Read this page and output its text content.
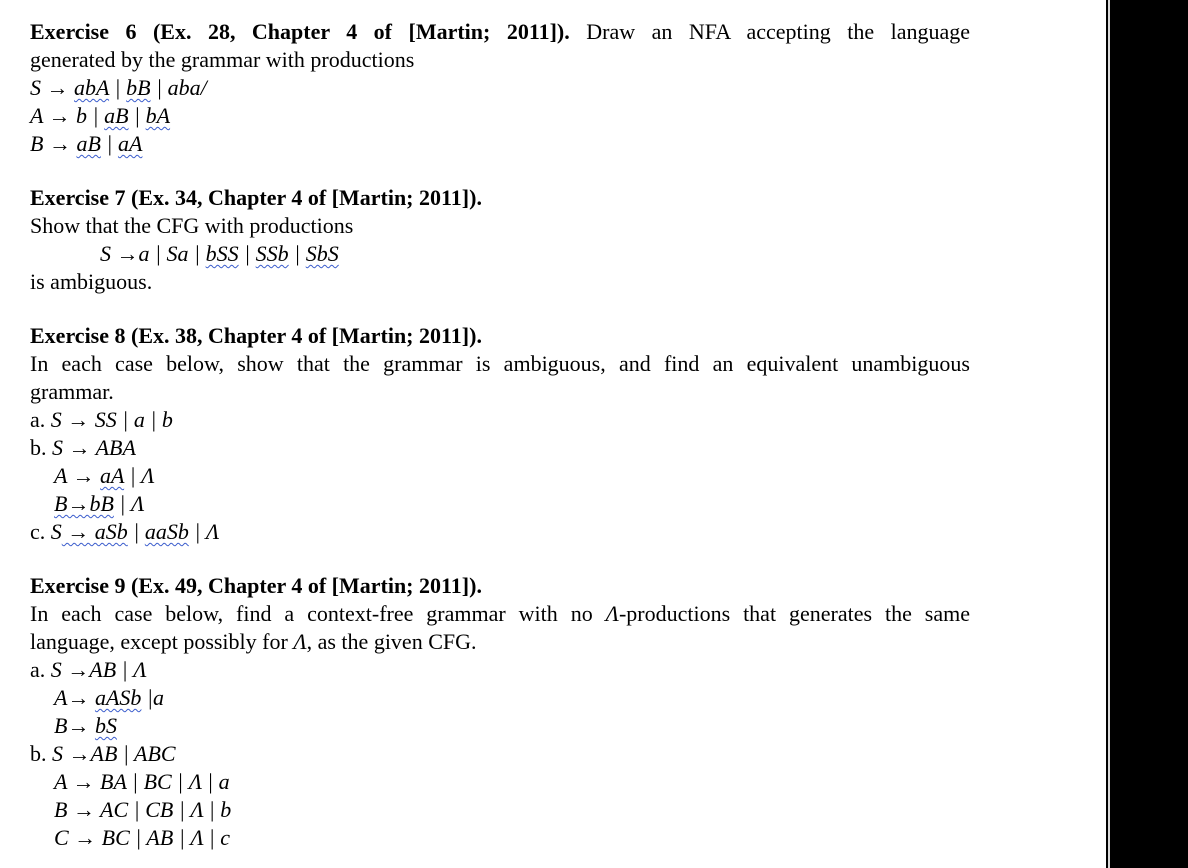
Exercise 6 (Ex. 28, Chapter 4 of [Martin; 2011]). Draw an NFA accepting the language
generated by the grammar with productions
S → abA | bB | aba/
A → b | aB | bA
B → aB | aA
Exercise 7 (Ex. 34, Chapter 4 of [Martin; 2011]).
Show that the CFG with productions
S →a | Sa | bSS | SSb | SbS
is ambiguous.
Exercise 8 (Ex. 38, Chapter 4 of [Martin; 2011]).
In each case below, show that the grammar is ambiguous, and find an equivalent unambiguous
grammar.
a. S → SS | a | b
b. S → ABA
A → aA | Λ
B→bB | Λ
c. S → aSb | aaSb | Λ
Exercise 9 (Ex. 49, Chapter 4 of [Martin; 2011]).
In each case below, find a context-free grammar with no Λ-productions that generates the same
language, except possibly for Λ, as the given CFG.
a. S →AB | Λ
A→ aASb |a
B→ bS
b. S →AB | ABC
A → BA | BC | Λ | a
B → AC | CB | Λ | b
C → BC | AB | Λ | c
